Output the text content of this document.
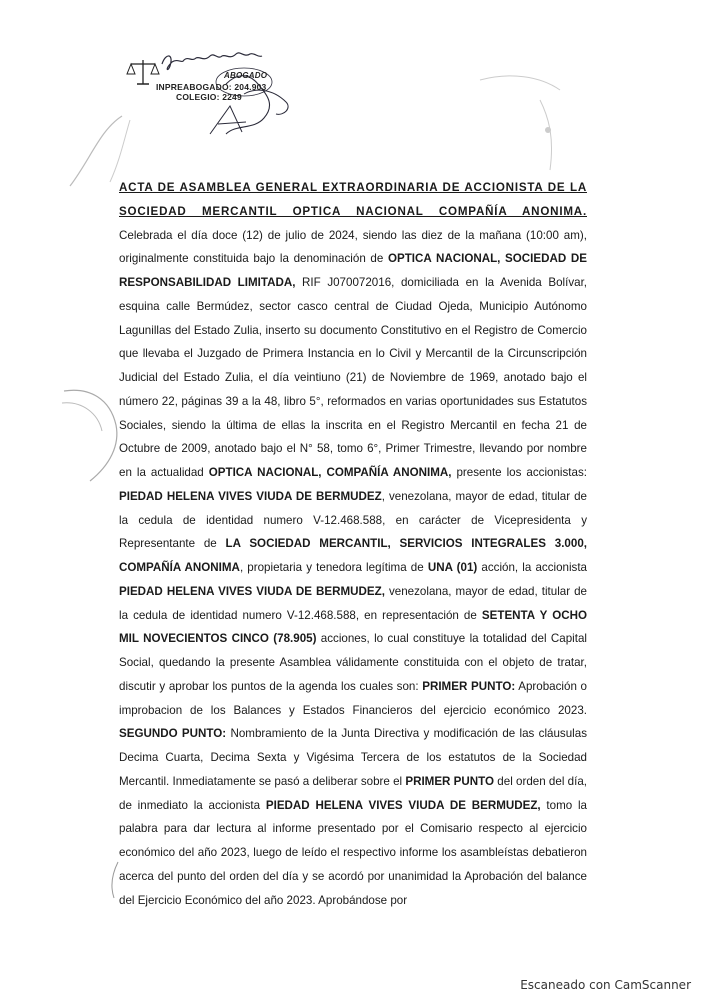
ABOGADO
INPREABOGADO: 204.903
COLEGIO: 2249

ACTA DE ASAMBLEA GENERAL EXTRAORDINARIA DE ACCIONISTA DE LA SOCIEDAD MERCANTIL OPTICA NACIONAL COMPAÑÍA ANONIMA. Celebrada el día doce (12) de julio de 2024, siendo las diez de la mañana (10:00 am), originalmente constituida bajo la denominación de OPTICA NACIONAL, SOCIEDAD DE RESPONSABILIDAD LIMITADA, RIF J070072016, domiciliada en la Avenida Bolívar, esquina calle Bermúdez, sector casco central de Ciudad Ojeda, Municipio Autónomo Lagunillas del Estado Zulia, inserto su documento Constitutivo en el Registro de Comercio que llevaba el Juzgado de Primera Instancia en lo Civil y Mercantil de la Circunscripción Judicial del Estado Zulia, el día veintiuno (21) de Noviembre de 1969, anotado bajo el número 22, páginas 39 a la 48, libro 5°, reformados en varias oportunidades sus Estatutos Sociales, siendo la última de ellas la inscrita en el Registro Mercantil en fecha 21 de Octubre de 2009, anotado bajo el N° 58, tomo 6°, Primer Trimestre, llevando por nombre en la actualidad OPTICA NACIONAL, COMPAÑÍA ANONIMA, presente los accionistas: PIEDAD HELENA VIVES VIUDA DE BERMUDEZ, venezolana, mayor de edad, titular de la cedula de identidad numero V-12.468.588, en carácter de Vicepresidenta y Representante de LA SOCIEDAD MERCANTIL, SERVICIOS INTEGRALES 3.000, COMPAÑÍA ANONIMA, propietaria y tenedora legítima de UNA (01) acción, la accionista PIEDAD HELENA VIVES VIUDA DE BERMUDEZ, venezolana, mayor de edad, titular de la cedula de identidad numero V-12.468.588, en representación de SETENTA Y OCHO MIL NOVECIENTOS CINCO (78.905) acciones, lo cual constituye la totalidad del Capital Social, quedando la presente Asamblea válidamente constituida con el objeto de tratar, discutir y aprobar los puntos de la agenda los cuales son: PRIMER PUNTO: Aprobación o improbacion de los Balances y Estados Financieros del ejercicio económico 2023. SEGUNDO PUNTO: Nombramiento de la Junta Directiva y modificación de las cláusulas Decima Cuarta, Decima Sexta y Vigésima Tercera de los estatutos de la Sociedad Mercantil. Inmediatamente se pasó a deliberar sobre el PRIMER PUNTO del orden del día, de inmediato la accionista PIEDAD HELENA VIVES VIUDA DE BERMUDEZ, tomo la palabra para dar lectura al informe presentado por el Comisario respecto al ejercicio económico del año 2023, luego de leído el respectivo informe los asambleístas debatieron acerca del punto del orden del día y se acordó por unanimidad la Aprobación del balance del Ejercicio Económico del año 2023. Aprobándose por

Escaneado con CamScanner
